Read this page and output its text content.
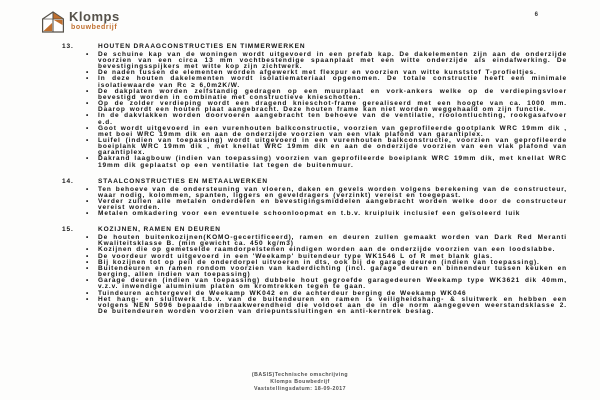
6
Klomps
bouwbedrijf
13.	HOUTEN DRAAGCONSTRUCTIES EN TIMMERWERKEN
•	De schuine kap van de woningen wordt uitgevoerd in een prefab kap. De dakelementen zijn aan de onderzijde voorzien van een circa 13 mm vochtbestendige spaanplaat met een witte onderzijde als eindafwerking. De bevestigingsspijkers met witte kop zijn zichtwerk.
•	De naden tussen de elementen worden afgewerkt met flexpur en voorzien van witte kunststof T-profieltjes.
•	In deze houten dakelementen wordt isolatiemateriaal opgenomen. De totale constructie heeft een minimale isolatiewaarde van Rc ≥ 6,0m2K/W.
•	De dakplaten worden zelfstandig gedragen op een muurplaat en vork-ankers welke op de verdiepingsvloer bevestigd worden in combinatie met constructieve knieschotten.
•	Op de zolder verdieping wordt een dragend knieschot-frame gerealiseerd met een hoogte van ca. 1000 mm. Daarop wordt een houten plaat aangebracht. Deze houten frame kan niet worden weggehaald om zijn functie.
•	In de dakvlakken worden doorvoeren aangebracht ten behoeve van de ventilatie, rioolontluchting, rookgasafvoer e.d.
•	Goot wordt uitgevoerd in een vurenhouten balkconstructie, voorzien van geprofileerde gootplank WRC 19mm dik , met boei WRC 19mm dik en aan de onderzijde voorzien van een vlak plafond van garantiplex.
•	Luifel (indien van toepassing) wordt uitgevoerd in een vurenhouten balkconstructie, voorzien van geprofileerde boeiplank WRC 19mm dik , met knellat WRC 19mm dik en aan de onderzijde voorzien van een vlak plafond van garantiplex.
•	Dakrand laagbouw (indien van toepassing) voorzien van geprofileerde boeiplank WRC 19mm dik, met knellat WRC 19mm dik geplaatst op een ventilatie lat tegen de buitenmuur.
14.	STAALCONSTRUCTIES EN METAALWERKEN
•	Ten behoeve van de ondersteuning van vloeren, daken en gevels worden volgens berekening van de constructeur, waar nodig, kolommen, spanten, liggers en geveldragers (verzinkt) vereist en toegepast.
•	Verder zullen alle metalen onderdelen en bevestigingsmiddelen aangebracht worden welke door de constructeur vereist worden.
•	Metalen omkadering voor een eventuele schoonloopmat en t.b.v. kruipluik inclusief een geïsoleerd luik
15.	KOZIJNEN, RAMEN EN DEUREN
•	De houten buitenkozijnen(KOMO-gecertificeerd), ramen en deuren zullen gemaakt worden van Dark Red Meranti Kwaliteitsklasse B. (min gewicht ca. 450 kg/m3)
•	Kozijnen die op gemetselde raamdorpelstenen eindigen worden aan de onderzijde voorzien van een loodslabbe.
•	De voordeur wordt uitgevoerd in een 'Weekamp' buitendeur type WK1546 L of R met blank glas.
•	Bij kozijnen tot op peil de onderdorpel uitvoeren in dts, ook bij de garage deuren (indien van toepassing).
•	Buitendeuren en ramen rondom voorzien van kaderdichting (incl. garage deuren en binnendeur tussen keuken en berging, allen indien van toepassing)
•	Garage deuren (indien van toepassing) dubbele hout gegroefde garagedeuren Weekamp type WK3621 dik 40mm, v.z.v. inwendige aluminium platen om kromtrekken tegen te gaan.
•	Tuindeuren achtergevel de Weekamp WK042 en de achterdeur berging de Weekamp WK046
•	Het hang- en sluitwerk t.b.v. van de buitendeuren en ramen is veiligheidshang- & sluitwerk en hebben een volgens NEN 5096 bepaalde inbraakwerendheid die voldoet aan de in die norm aangegeven weerstandsklasse 2. De buitendeuren worden voorzien van driepuntssluitingen en anti-kerntrek beslag.
(BASIS)Technische omschrijving
Klomps Bouwbedrijf
Vaststellingsdatum: 18-09-2017
